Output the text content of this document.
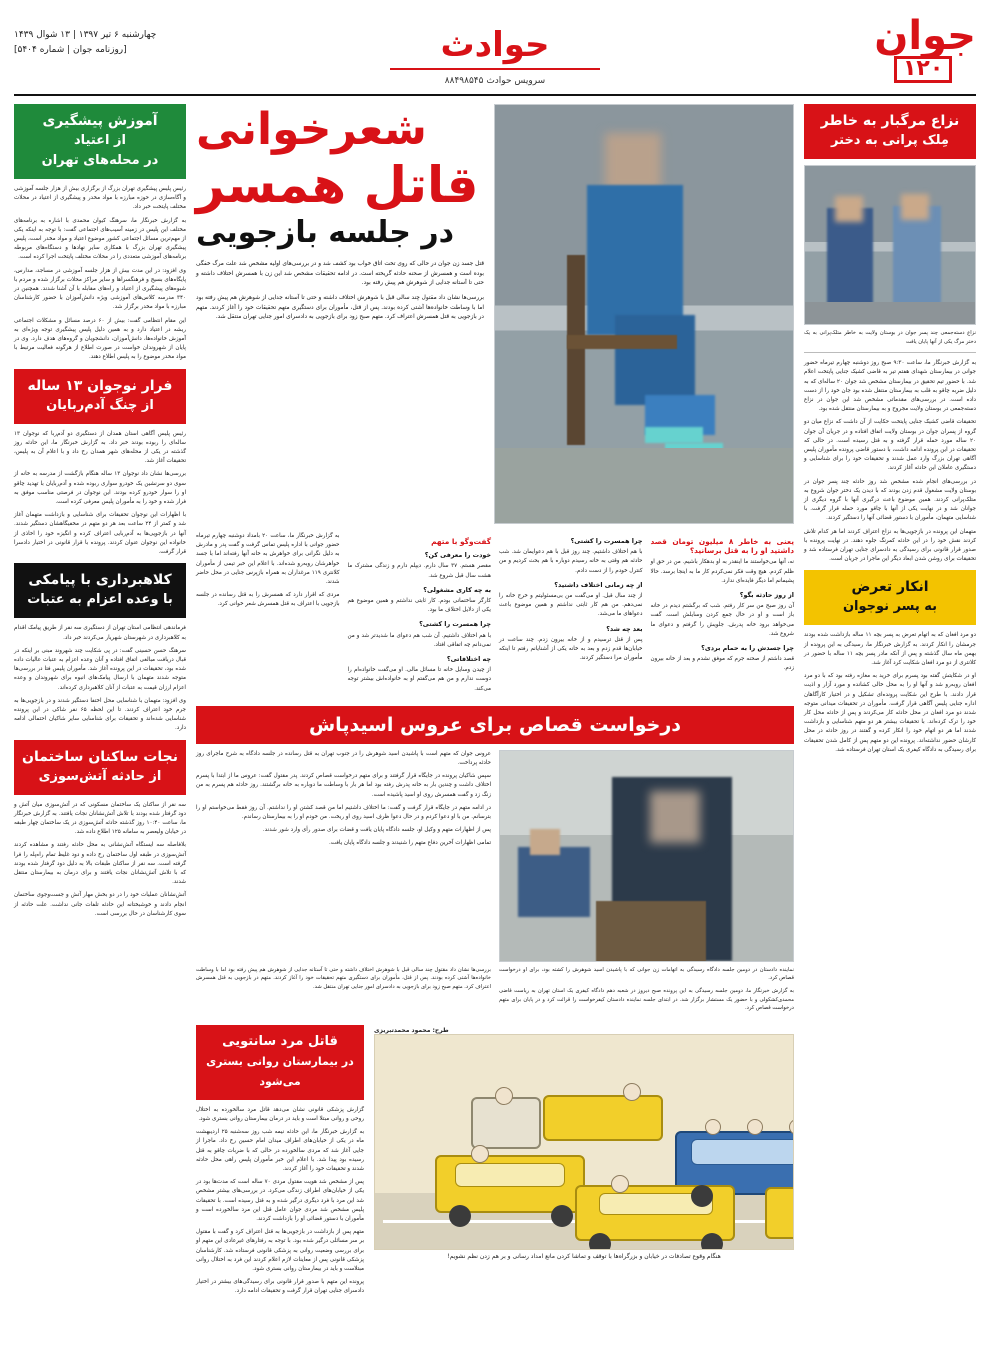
جوان
۱۲۰
حوادث
سرویس حوادث ۸۸۴۹۸۵۴۵
چهارشنبه ۶ تیر ۱۳۹۷ | ۱۳ شوال ۱۴۳۹
[روزنامه جوان | شماره ۵۴۰۴]
نزاع مرگبار به خاطر
مِلک پرانی به دختر

نزاع دسته‌جمعی چند پسر جوان در بوستان ولایت به خاطر متلک‌پرانی به یک دختر مرگ یکی از آنها پایان یافت

به گزارش خبرنگار ما، ساعت ۹:۳۰ صبح روز دوشنبه چهارم تیرماه حضور جوانی در بیمارستان شهدای هفتم تیر به قاضی کشیک جنایی پایتخت اعلام شد. با حضور تیم تحقیق در بیمارستان مشخص شد جوان ۲۰ ساله‌ای که به دلیل ضربه چاقو به قلب به بیمارستان منتقل شده بود جان خود را از دست داده است. در بررسی‌های مقدماتی مشخص شد این جوان در نزاع دسته‌جمعی در بوستان ولایت مجروح و به بیمارستان منتقل شده بود.

تحقیقات قاضی کشیک جنایی پایتخت حکایت از آن داشت که نزاع میان دو گروه از پسران جوان در بوستان ولایت اتفاق افتاده و در جریان آن جوان ۲۰ ساله مورد حمله قرار گرفته و به قتل رسیده است. در حالی که تحقیقات در این پرونده ادامه داشت، با دستور قاضی پرونده مأموران پلیس آگاهی تهران بزرگ وارد عمل شدند و تحقیقات خود را برای شناسایی و دستگیری عاملان این حادثه آغاز کردند.

در بررسی‌های انجام شده مشخص شد روز حادثه چند پسر جوان در بوستان ولایت مشغول قدم زدن بودند که با دیدن یک دختر جوان شروع به متلک‌پرانی کردند. همین موضوع باعث درگیری آنها با گروه دیگری از جوانان شد و در نهایت یکی از آنها با چاقو مورد حمله قرار گرفت. با شناسایی متهمان، مأموران با دستور قضائی آنها را دستگیر کردند.

متهمان این پرونده در بازجویی‌ها به نزاع اعتراف کردند اما هر کدام تلاش کردند نقش خود را در این حادثه کمرنگ جلوه دهند. در نهایت پرونده با صدور قرار قانونی برای رسیدگی به دادسرای جنایی تهران فرستاده شد و تحقیقات برای روشن شدن ابعاد دیگر این ماجرا در جریان است.

انکار تعرض
به پسر نوجوان

دو مرد افغان که به اتهام تعرض به پسر بچه ۱۱ ساله بازداشت شده بودند جرمشان را انکار کردند. به گزارش خبرنگار ما، رسیدگی به این پرونده از بهمن ماه سال گذشته و پس از آنکه مادر پسر بچه ۱۱ ساله با حضور در کلانتری از دو مرد افغان شکایت کرد آغاز شد.

او در شکایتش گفته بود پسرم برای خرید به مغازه رفته بود که با دو مرد افغان روبه‌رو شد و آنها او را به محل خالی کشانده و مورد آزار و اذیت قرار دادند. با طرح این شکایت پرونده‌ای تشکیل و در اختیار کارآگاهان اداره جنایی پلیس آگاهی قرار گرفت. مأموران در تحقیقات میدانی متوجه شدند دو مرد افغان در محل حادثه کار می‌کردند و پس از حادثه محل کار خود را ترک کرده‌اند. با تحقیقات بیشتر هر دو متهم شناسایی و بازداشت شدند اما هر دو اتهام خود را انکار کرده و گفتند در روز حادثه در محل کارشان حضور نداشته‌اند. پرونده این دو متهم پس از کامل شدن تحقیقات برای رسیدگی به دادگاه کیفری یک استان تهران فرستاده شد.

شعرخوانی
قاتل همسر
در جلسه بازجویی

قتل جسد زن جوان در حالی که روی تخت اتاق خواب بود کشف شد و در بررسی‌های اولیه مشخص شد علت مرگ خفگی بوده است و همسرش از صحنه حادثه گریخته است. در ادامه تحقیقات مشخص شد این زن با همسرش اختلاف داشته و حتی تا آستانه جدایی از شوهرش هم پیش رفته بود.

بررسی‌ها نشان داد مقتول چند سالی قبل با شوهرش اختلاف داشته و حتی تا آستانه جدایی از شوهرش هم پیش رفته بود اما با وساطت خانواده‌ها آشتی کرده بودند. پس از قتل، مأموران برای دستگیری متهم تحقیقات خود را آغاز کردند. متهم در بازجویی به قتل همسرش اعتراف کرد. متهم صبح زود برای بازجویی به دادسرای امور جنایی تهران منتقل شد.

یعنی به خاطر ۸ میلیون تومان قصد داشتید او را به قتل برسانید؟

نه، آنها می‌خواستند ما اینقدر به او بدهکار باشیم. من در حق او ظلم کردم. هیچ وقت فکر نمی‌کردم کار ما به اینجا برسد. حالا پشیمانم اما دیگر فایده‌ای ندارد.

از روز حادثه بگو؟

آن روز صبح من سر کار رفتم. شب که برگشتم دیدم در خانه باز است و او در حال جمع کردن وسایلش است. گفت می‌خواهد برود خانه پدرش. جلویش را گرفتم و دعوای ما شروع شد.

چرا جسدش را به حمام بردی؟

قصد داشتم از صحنه جرم که موفق نشدم و بعد از خانه بیرون زدم.

چرا همسرت را کشتی؟

با هم اختلاف داشتیم. چند روز قبل با هم دعوایمان شد. شب حادثه هم وقتی به خانه رسیدم دوباره با هم بحث کردیم و من کنترل خودم را از دست دادم.

از چه زمانی اختلاف داشتید؟

از چند سال قبل. او می‌گفت من بی‌مسئولیتم و خرج خانه را نمی‌دهم. من هم کار ثابتی نداشتم و همین موضوع باعث دعواهای ما می‌شد.

بعد چه شد؟

پس از قتل ترسیدم و از خانه بیرون زدم. چند ساعت در خیابان‌ها قدم زدم و بعد به خانه یکی از آشنایانم رفتم تا اینکه مأموران مرا دستگیر کردند.

گفت‌وگو با متهم
خودت را معرفی کن؟

مقصر هستم. ۳۷ سال دارم. دیپلم دارم و زندگی مشترک ما هشت سال قبل شروع شد.

به چه کاری مشغولی؟

کارگر ساختمانی بودم. کار ثابتی نداشتم و همین موضوع هم یکی از دلایل اختلاف ما بود.

چرا همسرت را کشتی؟

با هم اختلاف داشتیم. آن شب هم دعوای ما شدیدتر شد و من نمی‌دانم چه اتفاقی افتاد.

چه اختلافاتی؟

از چیدن وسایل خانه تا مسائل مالی. او می‌گفت خانواده‌ام را دوست ندارم و من هم می‌گفتم او به خانواده‌اش بیشتر توجه می‌کند.

به گزارش خبرنگار ما، ساعت ۲۰ بامداد دوشنبه چهارم تیرماه حضور جوانی با اداره پلیس تماس گرفت و گفت پدر و مادرش به دلیل نگرانی برای خواهرش به خانه آنها رفته‌اند اما با جسد خواهرشان روبه‌رو شده‌اند. با اعلام این خبر تیمی از مأموران کلانتری ۱۱۹ مرغداران به همراه بازپرس جنایی در محل حاضر شدند.

مردی که اقرار دارد که همسرش را به قتل رسانده در جلسه بازجویی با اعتراف به قتل همسرش شعر خوانی کرد.

درخواست قصاص برای عروس اسیدپاش

عروس جوان که متهم است با پاشیدن اسید شوهرش را در جنوب تهران به قتل رسانده در جلسه دادگاه به شرح ماجرای روز حادثه پرداخت.

سپس شاکیان پرونده در جایگاه قرار گرفتند و برای متهم درخواست قصاص کردند. پدر مقتول گفت: عروس ما از ابتدا با پسرم اختلاف داشت و چندین بار به خانه پدرش رفته بود اما هر بار با وساطت ما دوباره به خانه برگشتند. روز حادثه هم پسرم به من زنگ زد و گفت همسرش روی او اسید پاشیده است.

در ادامه متهم در جایگاه قرار گرفت و گفت: ما اختلاف داشتیم اما من قصد کشتن او را نداشتم. آن روز فقط می‌خواستم او را بترسانم. من با او دعوا کردم و در حال دعوا ظرف اسید روی او ریخت. من خودم او را به بیمارستان رساندم.

پس از اظهارات متهم و وکیل او، جلسه دادگاه پایان یافت و قضات برای صدور رأی وارد شور شدند.

تمامی اظهارات آخرین دفاع متهم را شنیدند و جلسه دادگاه پایان یافت.

نماینده دادستان در دومین جلسه دادگاه رسیدگی به اتهامات زن جوانی که با پاشیدن اسید شوهرش را کشته بود، برای او درخواست قصاص کرد.

به گزارش خبرنگار ما، دومین جلسه رسیدگی به این پرونده صبح دیروز در شعبه دهم دادگاه کیفری یک استان تهران به ریاست قاضی محمدی‌کشکولی و با حضور یک مستشار برگزار شد. در ابتدای جلسه نماینده دادستان کیفرخواست را قرائت کرد و در پایان برای متهم درخواست قصاص کرد.

بررسی‌ها نشان داد مقتول چند سالی قبل با شوهرش اختلاف داشته و حتی تا آستانه جدایی از شوهرش هم پیش رفته بود اما با وساطت خانواده‌ها آشتی کرده بودند. پس از قتل، مأموران برای دستگیری متهم تحقیقات خود را آغاز کردند. متهم در بازجویی به قتل همسرش اعتراف کرد. متهم صبح زود برای بازجویی به دادسرای امور جنایی تهران منتقل شد.

طرح: محمود محمدتبریزی
هنگام وقوع تصادفات در خیابان و بزرگراه‌ها با توقف و تماشا کردن مانع امداد رسانی و بر هم زدن نظم نشویم!
قاتل مرد سانتویی
در بیمارستان روانی بستری می‌شود

گزارش پزشکی قانونی نشان می‌دهد قاتل مرد سالخورده به اختلال روحی و روانی مبتلا است و باید در درمان بیمارستان روانی بستری شود.

به گزارش خبرنگار ما، این حادثه نیمه شب روز سه‌شنبه ۲۵ اردیبهشت ماه در یکی از خیابان‌های اطراف میدان امام حسین رخ داد. ماجرا از جایی آغاز شد که مردی سالخورده در حالی که با ضربات چاقو به قتل رسیده بود پیدا شد. با اعلام این خبر مأموران پلیس راهی محل حادثه شدند و تحقیقات خود را آغاز کردند.

پس از مشخص شد هویت مقتول مردی ۷۰ ساله است که مدت‌ها بود در یکی از خیابان‌های اطراف زندگی می‌کرد. در بررسی‌های بیشتر مشخص شد این مرد با فرد دیگری درگیر شده و به قتل رسیده است. با تحقیقات پلیس مشخص شد مردی جوان عامل قتل این مرد سالخورده است و مأموران با دستور قضائی او را بازداشت کردند.

متهم پس از بازداشت در بازجویی‌ها به قتل اعتراف کرد و گفت با مقتول بر سر مسائلی درگیر شده بود. با توجه به رفتارهای غیرعادی این متهم او برای بررسی وضعیت روانی به پزشکی قانونی فرستاده شد. کارشناسان پزشکی قانونی پس از معاینات لازم اعلام کردند این فرد به اختلال روانی مبتلاست و باید در بیمارستان روانی بستری شود.

پرونده این متهم با صدور قرار قانونی برای رسیدگی‌های بیشتر در اختیار دادسرای جنایی تهران قرار گرفت و تحقیقات ادامه دارد.

آموزش پیشگیری
از اعتیاد
در محله‌های تهران

رئیس پلیس پیشگیری تهران بزرگ از برگزاری بیش از هزار جلسه آموزشی و آگاه‌سازی در حوزه مبارزه با مواد مخدر و پیشگیری از اعتیاد در محلات مختلف پایتخت خبر داد.

به گزارش خبرنگار ما، سرهنگ کیوان محمدی با اشاره به برنامه‌های مختلف این پلیس در زمینه آسیب‌های اجتماعی گفت: با توجه به اینکه یکی از مهم‌ترین مسائل اجتماعی کشور موضوع اعتیاد و مواد مخدر است، پلیس پیشگیری تهران بزرگ با همکاری سایر نهادها و دستگاه‌های مربوطه برنامه‌های آموزشی متعددی را در محلات مختلف پایتخت اجرا کرده است.

وی افزود: در این مدت بیش از هزار جلسه آموزشی در مساجد، مدارس، پایگاه‌های بسیج و فرهنگسراها و سایر مراکز محلات برگزار شده و مردم با شیوه‌های پیشگیری از اعتیاد و راه‌های مقابله با آن آشنا شدند. همچنین در ۳۴۰ مدرسه کلاس‌های آموزشی ویژه دانش‌آموزان با حضور کارشناسان مبارزه با مواد مخدر برگزار شد.

این مقام انتظامی گفت: بیش از ۶۰ درصد مسائل و مشکلات اجتماعی ریشه در اعتیاد دارد و به همین دلیل پلیس پیشگیری توجه ویژه‌ای به آموزش خانواده‌ها، دانش‌آموزان، دانشجویان و گروه‌های هدف دارد. وی در پایان از شهروندان خواست در صورت اطلاع از هرگونه فعالیت مرتبط با مواد مخدر موضوع را به پلیس اطلاع دهند.

فرار نوجوان ۱۳ ساله
از چنگ آدم‌ربایان

رئیس پلیس آگاهی استان همدان از دستگیری دو آدم‌ربا که نوجوان ۱۳ ساله‌ای را ربوده بودند خبر داد. به گزارش خبرنگار ما، این حادثه روز گذشته در یکی از محله‌های شهر همدان رخ داد و با اعلام آن به پلیس، تحقیقات آغاز شد.

بررسی‌ها نشان داد نوجوان ۱۳ ساله هنگام بازگشت از مدرسه به خانه از سوی دو سرنشین یک خودرو سواری ربوده شده و آدم‌ربایان با تهدید چاقو او را سوار خودرو کرده بودند. این نوجوان در فرصتی مناسب موفق به فرار شده و خود را به مأموران پلیس معرفی کرده است.

با اظهارات این نوجوان تحقیقات برای شناسایی و بازداشت متهمان آغاز شد و کمتر از ۲۴ ساعت بعد هر دو متهم در مخفیگاهشان دستگیر شدند. آنها در بازجویی‌ها به آدم‌ربایی اعتراف کرده و انگیزه خود را اخاذی از خانواده این نوجوان عنوان کردند. پرونده با قرار قانونی در اختیار دادسرا قرار گرفت.

کلاهبرداری با پیامکی
با وعده اعزام به عتبات

فرماندهی انتظامی استان تهران از دستگیری سه نفر از طریق پیامک اقدام به کلاهبرداری در شهرستان شهریار می‌کردند خبر داد.

سرهنگ حسن حسینی گفت: در پی شکایت چند شهروند مبنی بر اینکه در قبال دریافت مبالغی اتفاق افتاده و آنان وعده اعزام به عتبات عالیات داده شده بود، تحقیقات در این پرونده آغاز شد. مأموران پلیس فتا در بررسی‌ها متوجه شدند متهمان با ارسال پیامک‌های انبوه برای شهروندان و وعده اعزام ارزان قیمت به عتبات از آنان کلاهبرداری کرده‌اند.

وی افزود: متهمان با شناسایی محل اختفا دستگیر شدند و در بازجویی‌ها به جرم خود اعتراف کردند. تا این لحظه ۶۵ نفر شاکی در این پرونده شناسایی شده‌اند و تحقیقات برای شناسایی سایر شاکیان احتمالی ادامه دارد.

نجات ساکنان ساختمان
از حادثه آتش‌سوزی

سه نفر از ساکنان یک ساختمان مسکونی که در آتش‌سوزی میان آتش و دود گرفتار شده بودند با تلاش آتش‌نشانان نجات یافتند. به گزارش خبرنگار ما، ساعت ۱۰:۴۰ روز گذشته حادثه آتش‌سوزی در یک ساختمان چهار طبقه در خیابان ولیعصر به سامانه ۱۲۵ اطلاع داده شد.

بلافاصله سه ایستگاه آتش‌نشانی به محل حادثه رفتند و مشاهده کردند آتش‌سوزی در طبقه اول ساختمان رخ داده و دود غلیظ تمام راه‌پله را فرا گرفته است. سه نفر از ساکنان طبقات بالا به دلیل دود گرفتار شده بودند که با تلاش آتش‌نشانان نجات یافتند و برای درمان به بیمارستان منتقل شدند.

آتش‌نشانان عملیات خود را در دو بخش مهار آتش و جست‌وجوی ساختمان انجام دادند و خوشبختانه این حادثه تلفات جانی نداشت. علت حادثه از سوی کارشناسان در حال بررسی است.
